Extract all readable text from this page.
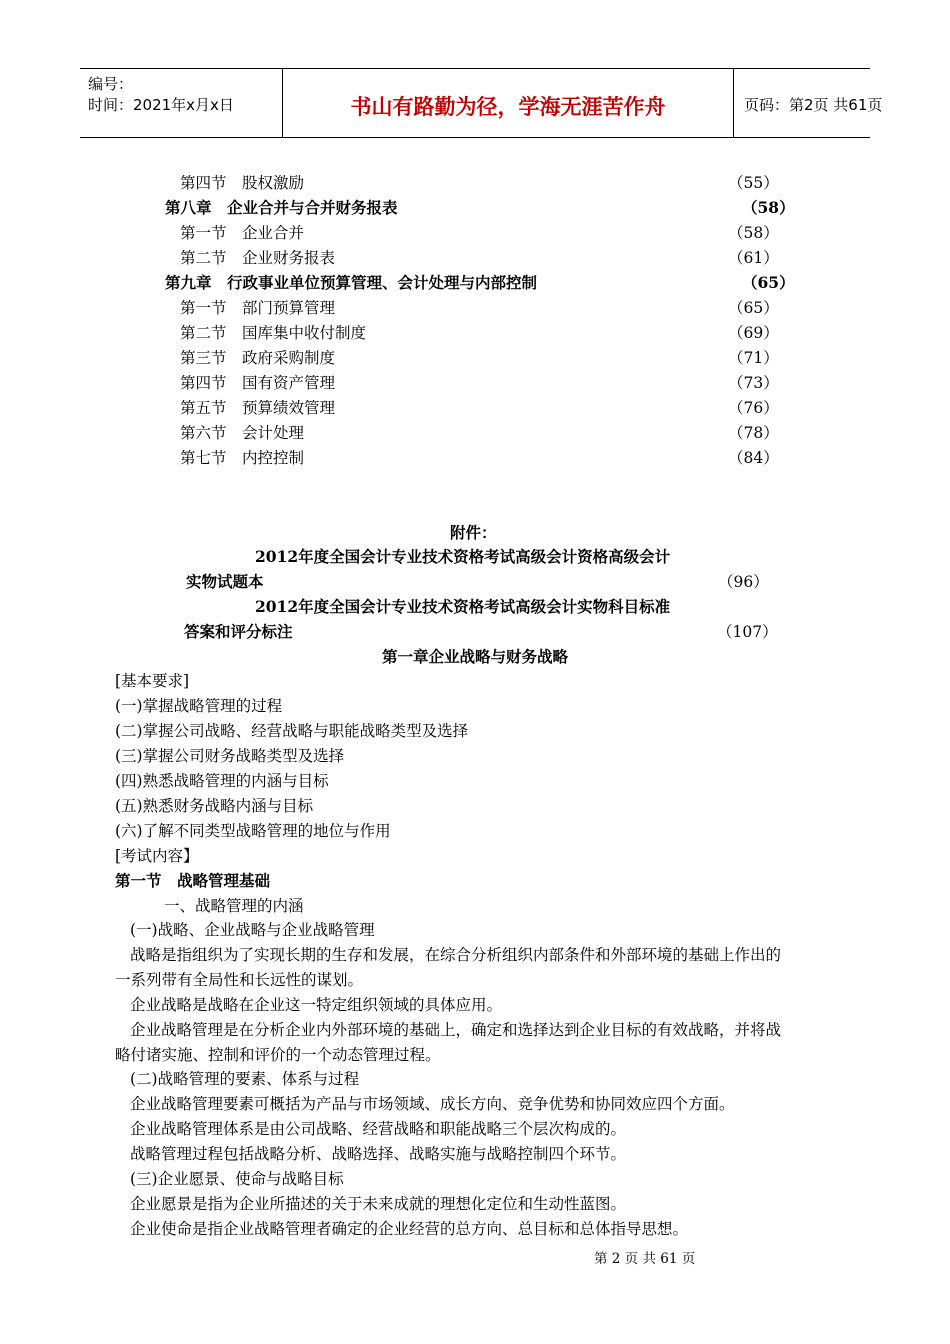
编号：
时间：2021年x月x日	书山有路勤为径，学海无涯苦作舟	页码：第2页 共61页
第四节　股权激励	（55）
第八章　企业合并与合并财务报表	（58）
第一节　企业合并	（58）
第二节　企业财务报表	（61）
第九章　行政事业单位预算管理、会计处理与内部控制	（65）
第一节　部门预算管理	（65）
第二节　国库集中收付制度	（69）
第三节　政府采购制度	（71）
第四节　国有资产管理	（73）
第五节　预算绩效管理	（76）
第六节　会计处理	（78）
第七节　内控控制	（84）
附件：
2012年度全国会计专业技术资格考试高级会计资格高级会计
实物试题本	（96）
2012年度全国会计专业技术资格考试高级会计实物科目标准
答案和评分标注	（107）
第一章企业战略与财务战略
[基本要求]
(一)掌握战略管理的过程
(二)掌握公司战略、经营战略与职能战略类型及选择
(三)掌握公司财务战略类型及选择
(四)熟悉战略管理的内涵与目标
(五)熟悉财务战略内涵与目标
(六)了解不同类型战略管理的地位与作用
[考试内容】
第一节　战略管理基础
一、战略管理的内涵
(一)战略、企业战略与企业战略管理
战略是指组织为了实现长期的生存和发展，在综合分析组织内部条件和外部环境的基础上作出的
一系列带有全局性和长远性的谋划。
企业战略是战略在企业这一特定组织领域的具体应用。
企业战略管理是在分析企业内外部环境的基础上，确定和选择达到企业目标的有效战略，并将战
略付诸实施、控制和评价的一个动态管理过程。
(二)战略管理的要素、体系与过程
企业战略管理要素可概括为产品与市场领域、成长方向、竞争优势和协同效应四个方面。
企业战略管理体系是由公司战略、经营战略和职能战略三个层次构成的。
战略管理过程包括战略分析、战略选择、战略实施与战略控制四个环节。
(三)企业愿景、使命与战略目标
企业愿景是指为企业所描述的关于未来成就的理想化定位和生动性蓝图。
企业使命是指企业战略管理者确定的企业经营的总方向、总目标和总体指导思想。
第 2 页 共 61 页
